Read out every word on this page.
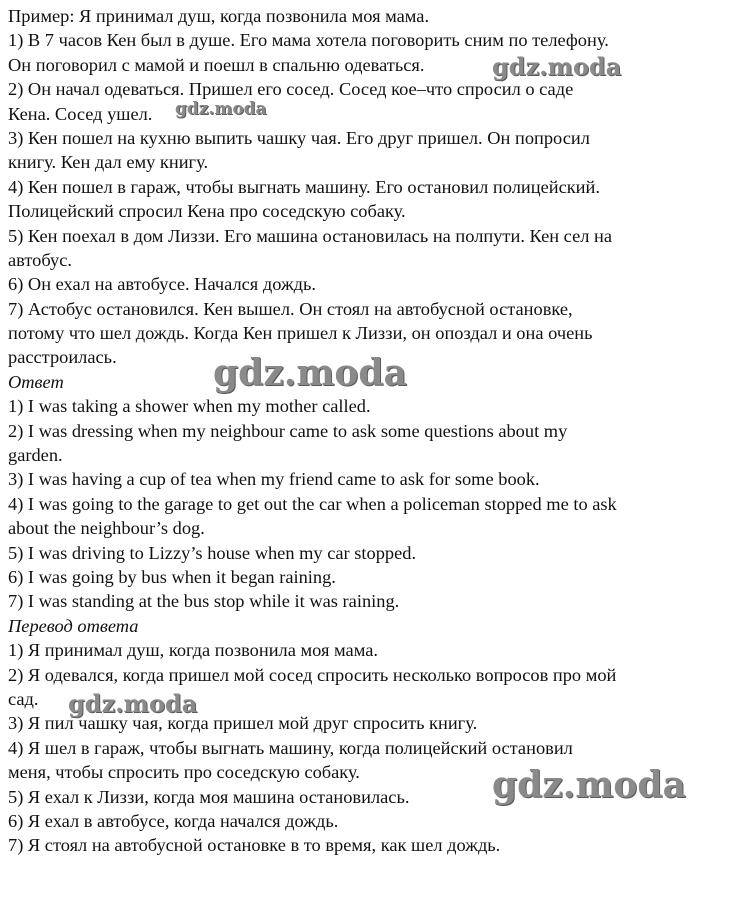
Пример: Я принимал душ, когда позвонила моя мама.
1) В 7 часов Кен был в душе. Его мама хотела поговорить сним по телефону.
Он поговорил с мамой и поешл в спальню одеваться.
2) Он начал одеваться. Пришел его сосед. Сосед кое–что спросил о саде
Кена. Сосед ушел.
3) Кен пошел на кухню выпить чашку чая. Его друг пришел. Он попросил
книгу. Кен дал ему книгу.
4) Кен пошел в гараж, чтобы выгнать машину. Его остановил полицейский.
Полицейский спросил Кена про соседскую собаку.
5) Кен поехал в дом Лиззи. Его машина остановилась на полпути. Кен сел на
автобус.
6) Он ехал на автобусе. Начался дождь.
7) Астобус остановился. Кен вышел. Он стоял на автобусной остановке,
потому что шел дождь. Когда Кен пришел к Лиззи, он опоздал и она очень
расстроилась.
Ответ
1) I was taking a shower when my mother called.
2) I was dressing when my neighbour came to ask some questions about my
garden.
3) I was having a cup of tea when my friend came to ask for some book.
4) I was going to the garage to get out the car when a policeman stopped me to ask
about the neighbour’s dog.
5) I was driving to Lizzy’s house when my car stopped.
6) I was going by bus when it began raining.
7) I was standing at the bus stop while it was raining.
Перевод ответа
1) Я принимал душ, когда позвонила моя мама.
2) Я одевался, когда пришел мой сосед спросить несколько вопросов про мой
сад.
3) Я пил чашку чая, когда пришел мой друг спросить книгу.
4) Я шел в гараж, чтобы выгнать машину, когда полицейский остановил
меня, чтобы спросить про соседскую собаку.
5) Я ехал к Лиззи, когда моя машина остановилась.
6) Я ехал в автобусе, когда начался дождь.
7) Я стоял на автобусной остановке в то время, как шел дождь.
gdz.moda
gdz.moda
gdz.moda
gdz.moda
gdz.moda
